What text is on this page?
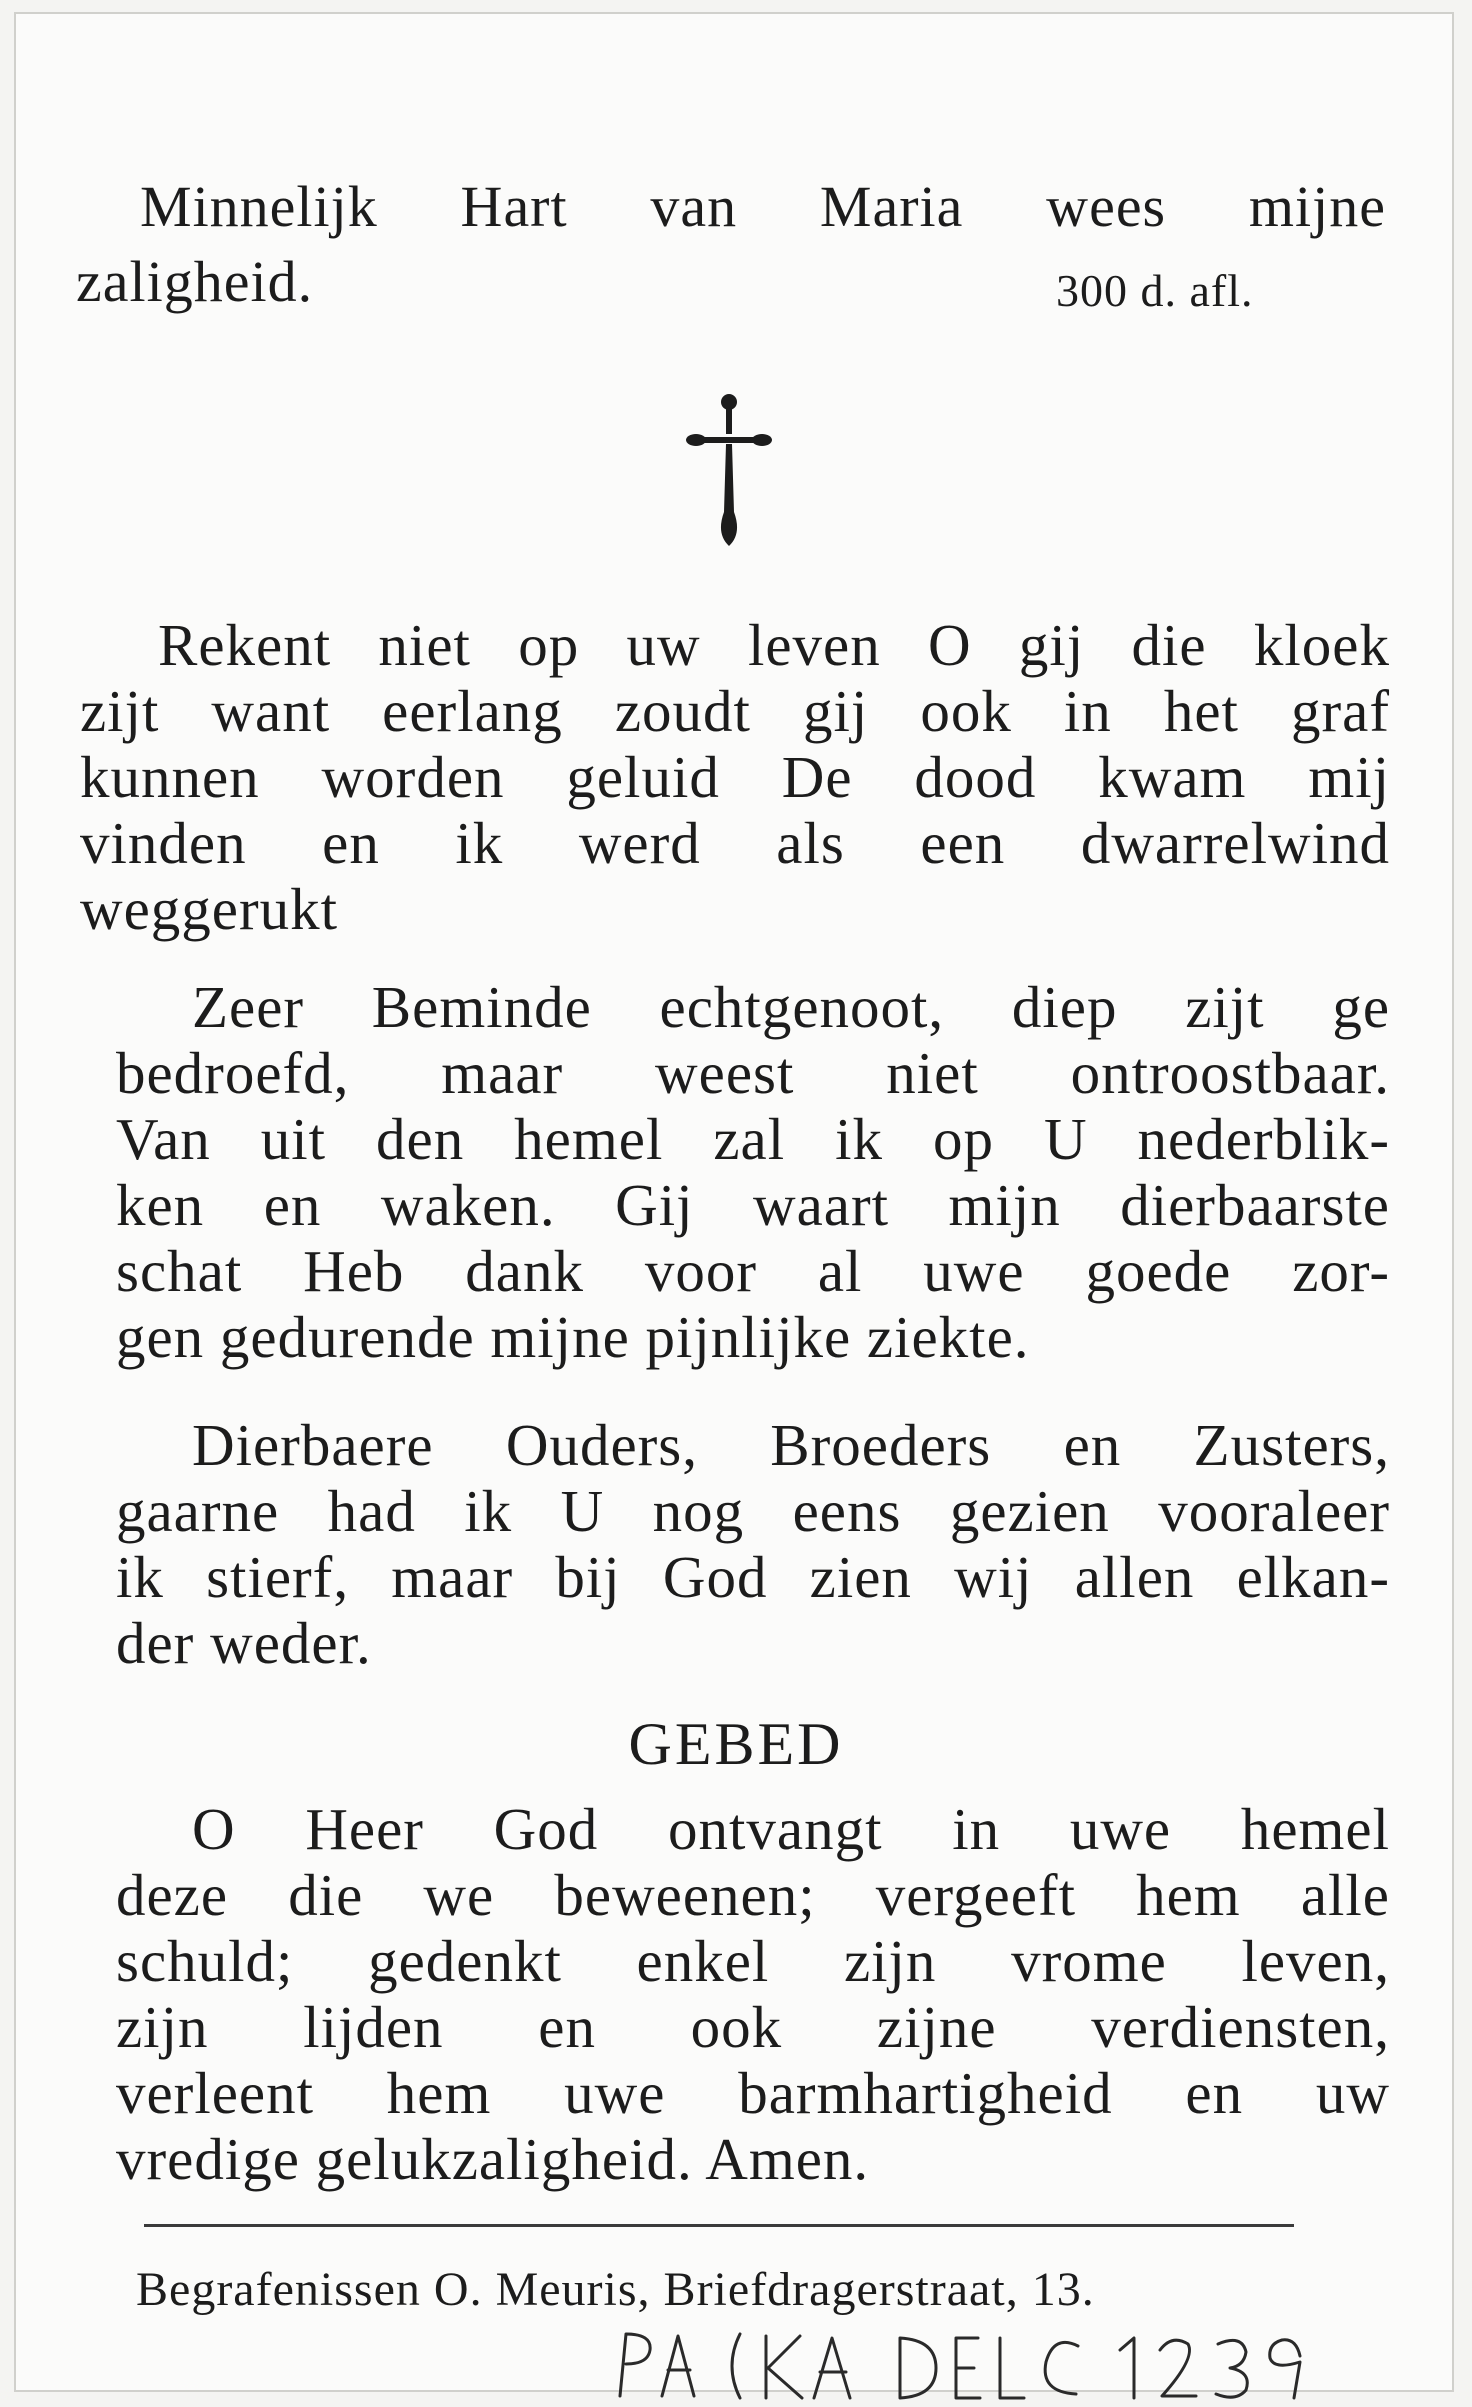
Minnelijk Hart van Maria wees mijne
zaligheid.	300 d. afl.
Rekent niet op uw leven O gij die kloek
zijt want eerlang zoudt gij ook in het graf
kunnen worden geluid De dood kwam mij
vinden en ik werd als een dwarrelwind
weggerukt
Zeer Beminde echtgenoot, diep zijt ge
bedroefd, maar weest niet ontroostbaar.
Van uit den hemel zal ik op U nederblik-
ken en waken. Gij waart mijn dierbaarste
schat Heb dank voor al uwe goede zor-
gen gedurende mijne pijnlijke ziekte.
Dierbaere Ouders, Broeders en Zusters,
gaarne had ik U nog eens gezien vooraleer
ik stierf, maar bij God zien wij allen elkan-
der weder.
GEBED
O Heer God ontvangt in uwe hemel
deze die we beweenen; vergeeft hem alle
schuld; gedenkt enkel zijn vrome leven,
zijn lijden en ook zijne verdiensten,
verleent hem uwe barmhartigheid en uw
vredige gelukzaligheid. Amen.
Begrafenissen O. Meuris, Briefdragerstraat, 13.
